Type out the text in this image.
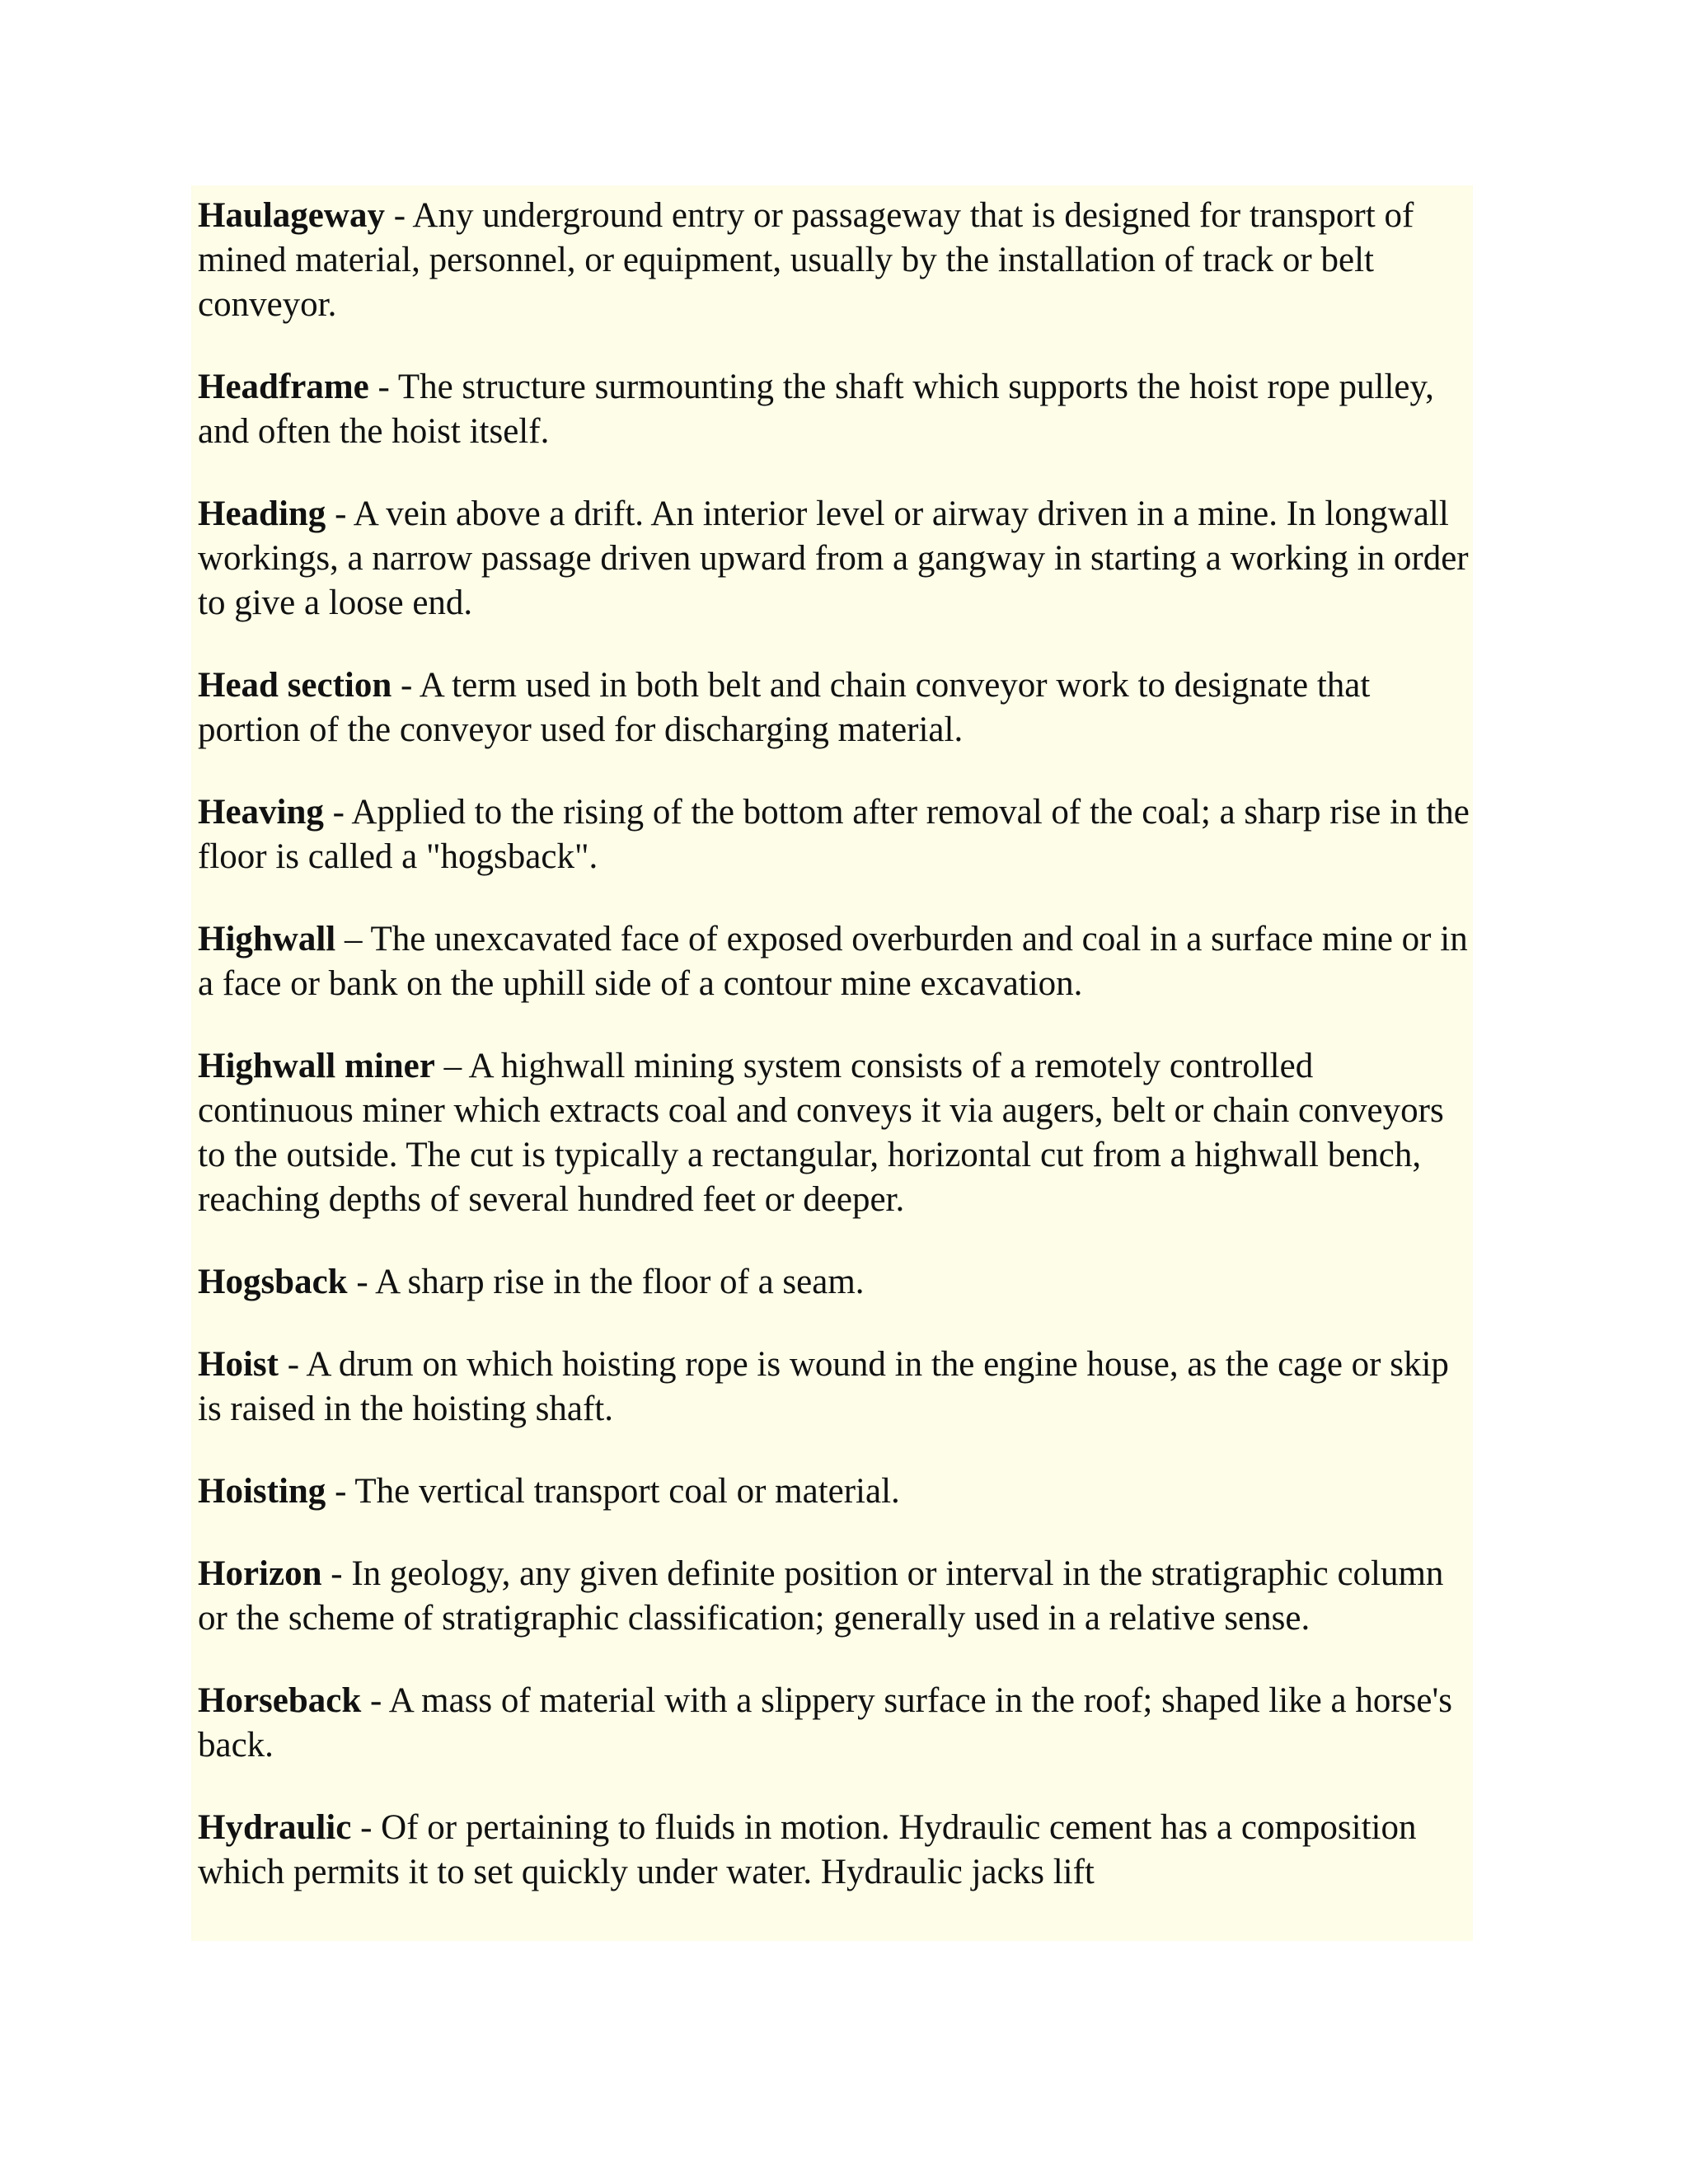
Haulageway - Any underground entry or passageway that is designed for transport of mined material, personnel, or equipment, usually by the installation of track or belt conveyor.

Headframe - The structure surmounting the shaft which supports the hoist rope pulley, and often the hoist itself.

Heading - A vein above a drift. An interior level or airway driven in a mine. In longwall workings, a narrow passage driven upward from a gangway in starting a working in order to give a loose end.

Head section - A term used in both belt and chain conveyor work to designate that portion of the conveyor used for discharging material.

Heaving - Applied to the rising of the bottom after removal of the coal; a sharp rise in the floor is called a "hogsback".

Highwall – The unexcavated face of exposed overburden and coal in a surface mine or in a face or bank on the uphill side of a contour mine excavation.

Highwall miner – A highwall mining system consists of a remotely controlled continuous miner which extracts coal and conveys it via augers, belt or chain conveyors to the outside. The cut is typically a rectangular, horizontal cut from a highwall bench, reaching depths of several hundred feet or deeper.

Hogsback - A sharp rise in the floor of a seam.

Hoist - A drum on which hoisting rope is wound in the engine house, as the cage or skip is raised in the hoisting shaft.

Hoisting - The vertical transport coal or material.

Horizon - In geology, any given definite position or interval in the stratigraphic column or the scheme of stratigraphic classification; generally used in a relative sense.

Horseback - A mass of material with a slippery surface in the roof; shaped like a horse's back.

Hydraulic - Of or pertaining to fluids in motion. Hydraulic cement has a composition which permits it to set quickly under water. Hydraulic jacks lift
